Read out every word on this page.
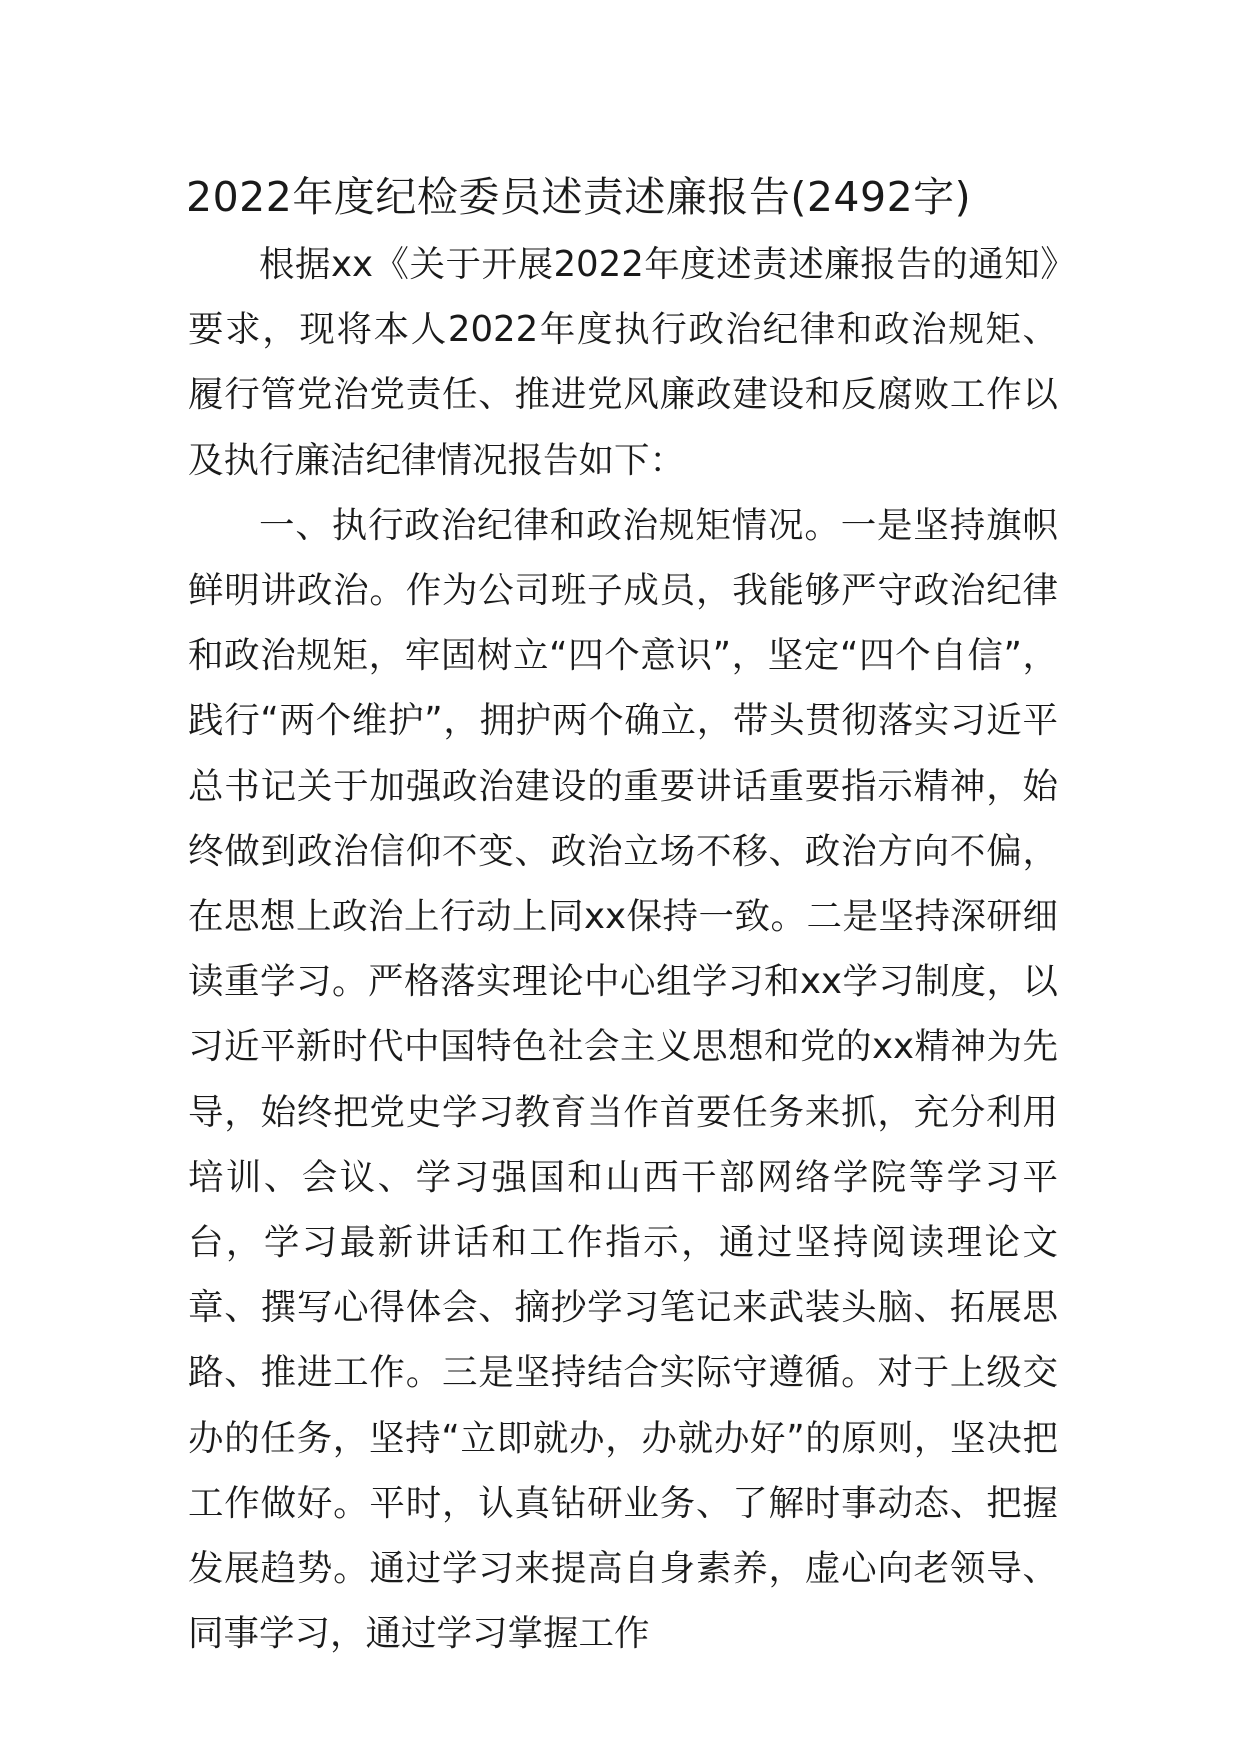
2022年度纪检委员述责述廉报告(2492字)

根据xx《关于开展2022年度述责述廉报告的通知》要求，现将本人2022年度执行政治纪律和政治规矩、履行管党治党责任、推进党风廉政建设和反腐败工作以及执行廉洁纪律情况报告如下：

一、执行政治纪律和政治规矩情况。一是坚持旗帜鲜明讲政治。作为公司班子成员，我能够严守政治纪律和政治规矩，牢固树立“四个意识”，坚定“四个自信”，践行“两个维护”，拥护两个确立，带头贯彻落实习近平总书记关于加强政治建设的重要讲话重要指示精神，始终做到政治信仰不变、政治立场不移、政治方向不偏，在思想上政治上行动上同xx保持一致。二是坚持深研细读重学习。严格落实理论中心组学习和xx学习制度，以习近平新时代中国特色社会主义思想和党的xx精神为先导，始终把党史学习教育当作首要任务来抓，充分利用培训、会议、学习强国和山西干部网络学院等学习平台，学习最新讲话和工作指示，通过坚持阅读理论文章、撰写心得体会、摘抄学习笔记来武装头脑、拓展思路、推进工作。三是坚持结合实际守遵循。对于上级交办的任务，坚持“立即就办，办就办好”的原则，坚决把工作做好。平时，认真钻研业务、了解时事动态、把握发展趋势。通过学习来提高自身素养，虚心向老领导、同事学习，通过学习掌握工作
